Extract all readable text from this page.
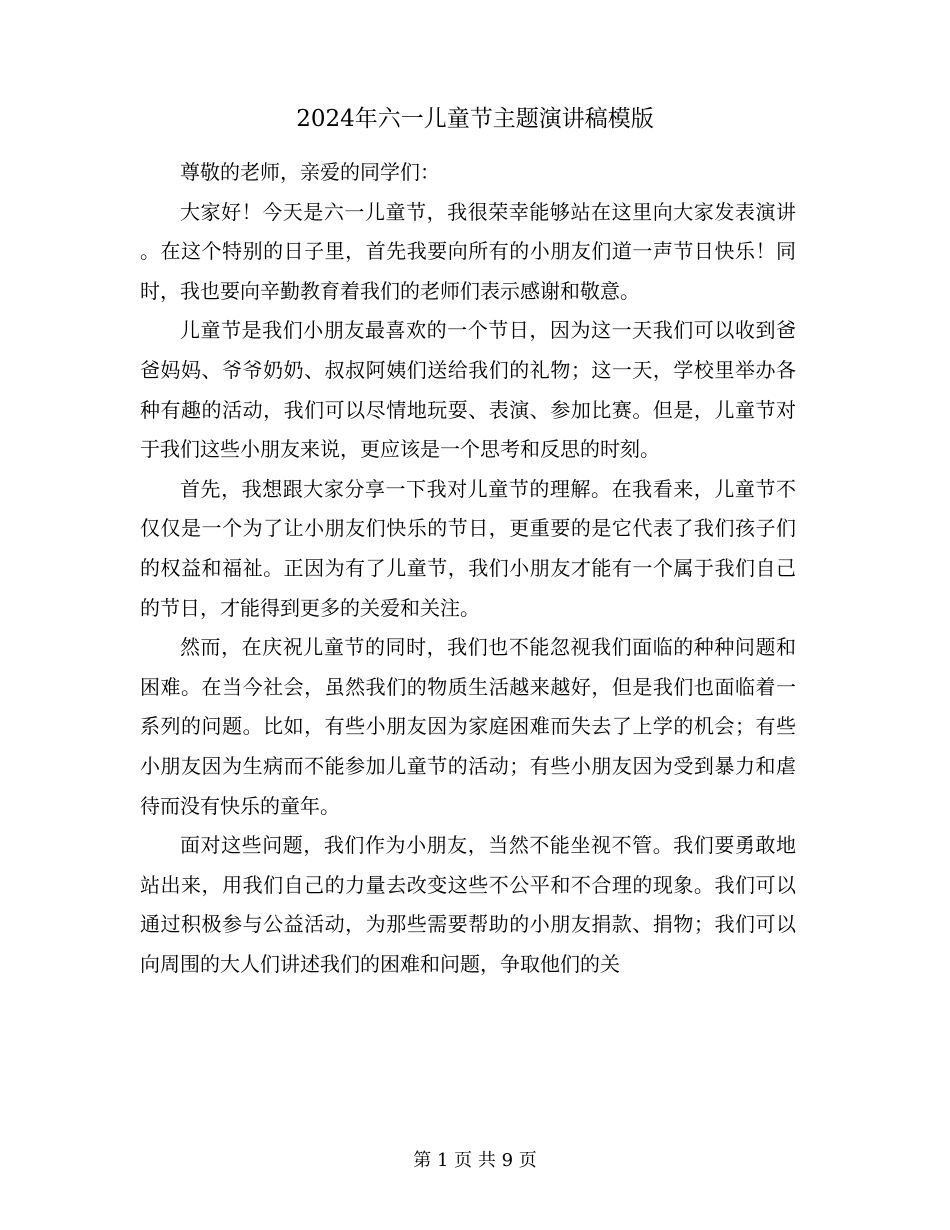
2024年六一儿童节主题演讲稿模版

尊敬的老师，亲爱的同学们：

大家好！今天是六一儿童节，我很荣幸能够站在这里向大家发表演讲。在这个特别的日子里，首先我要向所有的小朋友们道一声节日快乐！同时，我也要向辛勤教育着我们的老师们表示感谢和敬意。

儿童节是我们小朋友最喜欢的一个节日，因为这一天我们可以收到爸爸妈妈、爷爷奶奶、叔叔阿姨们送给我们的礼物；这一天，学校里举办各种有趣的活动，我们可以尽情地玩耍、表演、参加比赛。但是，儿童节对于我们这些小朋友来说，更应该是一个思考和反思的时刻。

首先，我想跟大家分享一下我对儿童节的理解。在我看来，儿童节不仅仅是一个为了让小朋友们快乐的节日，更重要的是它代表了我们孩子们的权益和福祉。正因为有了儿童节，我们小朋友才能有一个属于我们自己的节日，才能得到更多的关爱和关注。

然而，在庆祝儿童节的同时，我们也不能忽视我们面临的种种问题和困难。在当今社会，虽然我们的物质生活越来越好，但是我们也面临着一系列的问题。比如，有些小朋友因为家庭困难而失去了上学的机会；有些小朋友因为生病而不能参加儿童节的活动；有些小朋友因为受到暴力和虐待而没有快乐的童年。

面对这些问题，我们作为小朋友，当然不能坐视不管。我们要勇敢地站出来，用我们自己的力量去改变这些不公平和不合理的现象。我们可以通过积极参与公益活动，为那些需要帮助的小朋友捐款、捐物；我们可以向周围的大人们讲述我们的困难和问题，争取他们的关

第 1 页 共 9 页
